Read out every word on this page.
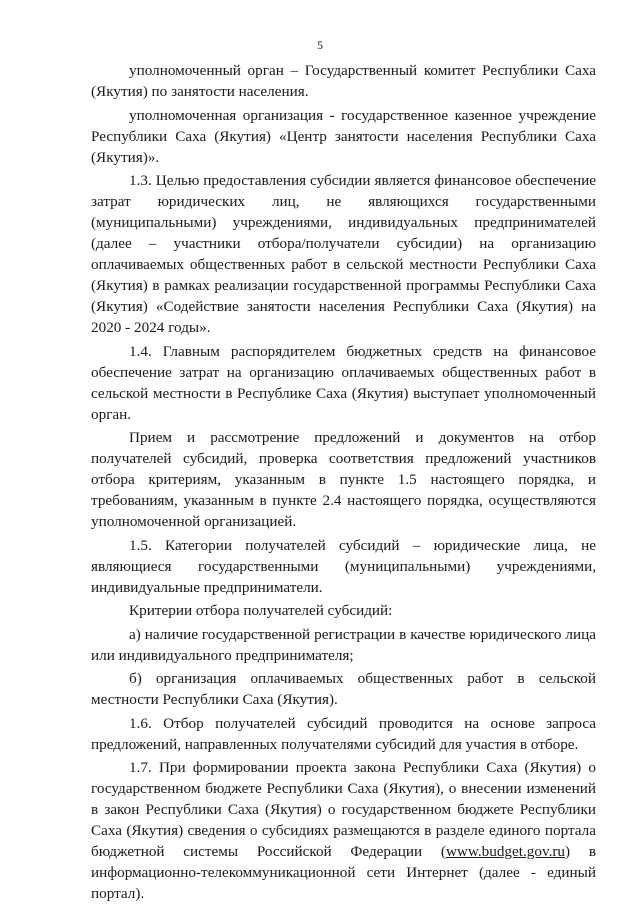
5

уполномоченный орган – Государственный комитет Республики Саха (Якутия) по занятости населения.

уполномоченная организация - государственное казенное учреждение Республики Саха (Якутия) «Центр занятости населения Республики Саха (Якутия)».

1.3. Целью предоставления субсидии является финансовое обеспечение затрат юридических лиц, не являющихся государственными (муниципальными) учреждениями, индивидуальных предпринимателей (далее – участники отбора/получатели субсидии) на организацию оплачиваемых общественных работ в сельской местности Республики Саха (Якутия) в рамках реализации государственной программы Республики Саха (Якутия) «Содействие занятости населения Республики Саха (Якутия) на 2020 - 2024 годы».

1.4. Главным распорядителем бюджетных средств на финансовое обеспечение затрат на организацию оплачиваемых общественных работ в сельской местности в Республике Саха (Якутия) выступает уполномоченный орган.

Прием и рассмотрение предложений и документов на отбор получателей субсидий, проверка соответствия предложений участников отбора критериям, указанным в пункте 1.5 настоящего порядка, и требованиям, указанным в пункте 2.4 настоящего порядка, осуществляются уполномоченной организацией.

1.5. Категории получателей субсидий – юридические лица, не являющиеся государственными (муниципальными) учреждениями, индивидуальные предприниматели.

Критерии отбора получателей субсидий:

а) наличие государственной регистрации в качестве юридического лица или индивидуального предпринимателя;

б) организация оплачиваемых общественных работ в сельской местности Республики Саха (Якутия).

1.6. Отбор получателей субсидий проводится на основе запроса предложений, направленных получателями субсидий для участия в отборе.

1.7. При формировании проекта закона Республики Саха (Якутия) о государственном бюджете Республики Саха (Якутия), о внесении изменений в закон Республики Саха (Якутия) о государственном бюджете Республики Саха (Якутия) сведения о субсидиях размещаются в разделе единого портала бюджетной системы Российской Федерации (www.budget.gov.ru) в информационно-телекоммуникационной сети Интернет (далее - единый портал).
